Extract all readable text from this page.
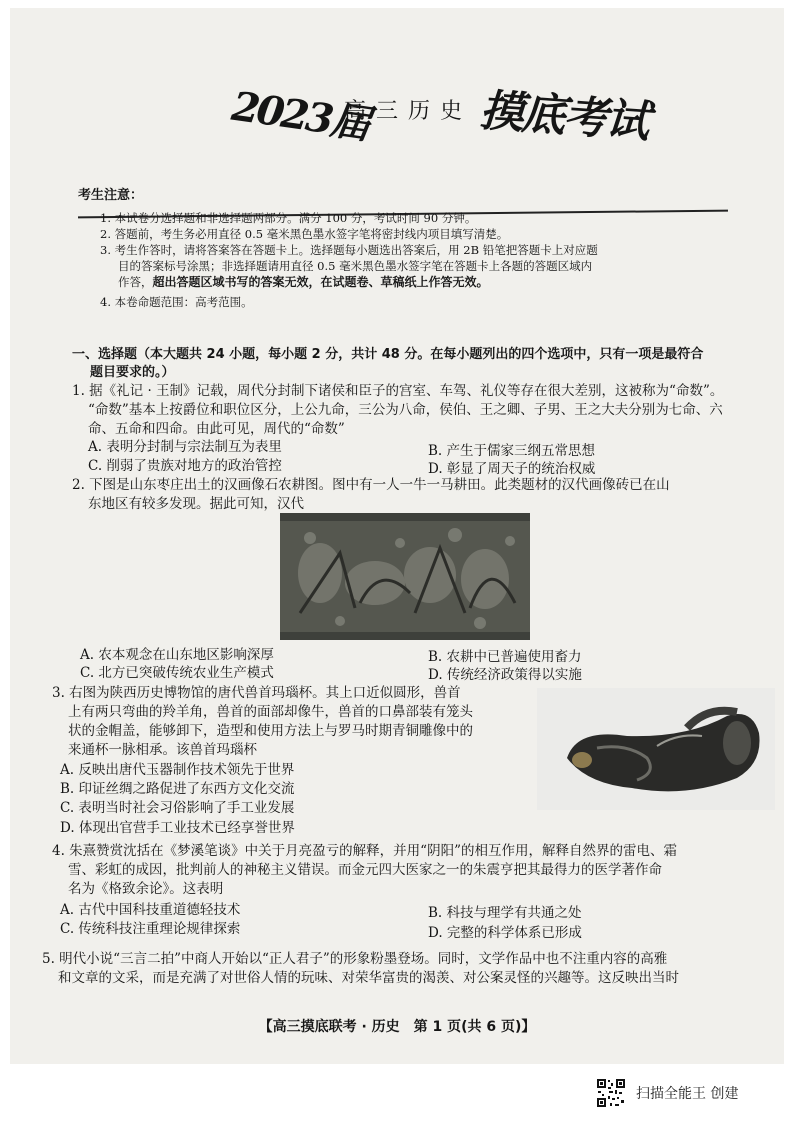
2023届
高三历史 摸底考试
考生注意：
1. 本试卷分选择题和非选择题两部分。满分 100 分，考试时间 90 分钟。
2. 答题前，考生务必用直径 0.5 毫米黑色墨水签字笔将密封线内项目填写清楚。
3. 考生作答时，请将答案答在答题卡上。选择题每小题选出答案后，用 2B 铅笔把答题卡上对应题
目的答案标号涂黑；非选择题请用直径 0.5 毫米黑色墨水签字笔在答题卡上各题的答题区域内
作答，超出答题区域书写的答案无效，在试题卷、草稿纸上作答无效。
4. 本卷命题范围：高考范围。
一、选择题（本大题共 24 小题，每小题 2 分，共计 48 分。在每小题列出的四个选项中，只有一项是最符合
题目要求的。）
1. 据《礼记 · 王制》记载，周代分封制下诸侯和臣子的宫室、车驾、礼仪等存在很大差别，这被称为“命数”。
“命数”基本上按爵位和职位区分，上公九命，三公为八命，侯伯、王之卿、子男、王之大夫分别为七命、六
命、五命和四命。由此可见，周代的“命数”
A. 表明分封制与宗法制互为表里	B. 产生于儒家三纲五常思想
C. 削弱了贵族对地方的政治管控	D. 彰显了周天子的统治权威
2. 下图是山东枣庄出土的汉画像石农耕图。图中有一人一牛一马耕田。此类题材的汉代画像砖已在山
东地区有较多发现。据此可知，汉代
A. 农本观念在山东地区影响深厚	B. 农耕中已普遍使用畜力
C. 北方已突破传统农业生产模式	D. 传统经济政策得以实施
3. 右图为陕西历史博物馆的唐代兽首玛瑙杯。其上口近似圆形，兽首
上有两只弯曲的羚羊角，兽首的面部却像牛，兽首的口鼻部装有笼头
状的金帽盖，能够卸下，造型和使用方法上与罗马时期青铜雕像中的
来通杯一脉相承。该兽首玛瑙杯
A. 反映出唐代玉器制作技术领先于世界
B. 印证丝绸之路促进了东西方文化交流
C. 表明当时社会习俗影响了手工业发展
D. 体现出官营手工业技术已经享誉世界
4. 朱熹赞赏沈括在《梦溪笔谈》中关于月亮盈亏的解释，并用“阴阳”的相互作用，解释自然界的雷电、霜
雪、彩虹的成因，批判前人的神秘主义错误。而金元四大医家之一的朱震亨把其最得力的医学著作命
名为《格致余论》。这表明
A. 古代中国科技重道德轻技术	B. 科技与理学有共通之处
C. 传统科技注重理论规律探索	D. 完整的科学体系已形成
5. 明代小说“三言二拍”中商人开始以“正人君子”的形象粉墨登场。同时，文学作品中也不注重内容的高雅
和文章的文采，而是充满了对世俗人情的玩味、对荣华富贵的渴羡、对公案灵怪的兴趣等。这反映出当时
【高三摸底联考 · 历史　第 1 页(共 6 页)】
扫描全能王 创建
